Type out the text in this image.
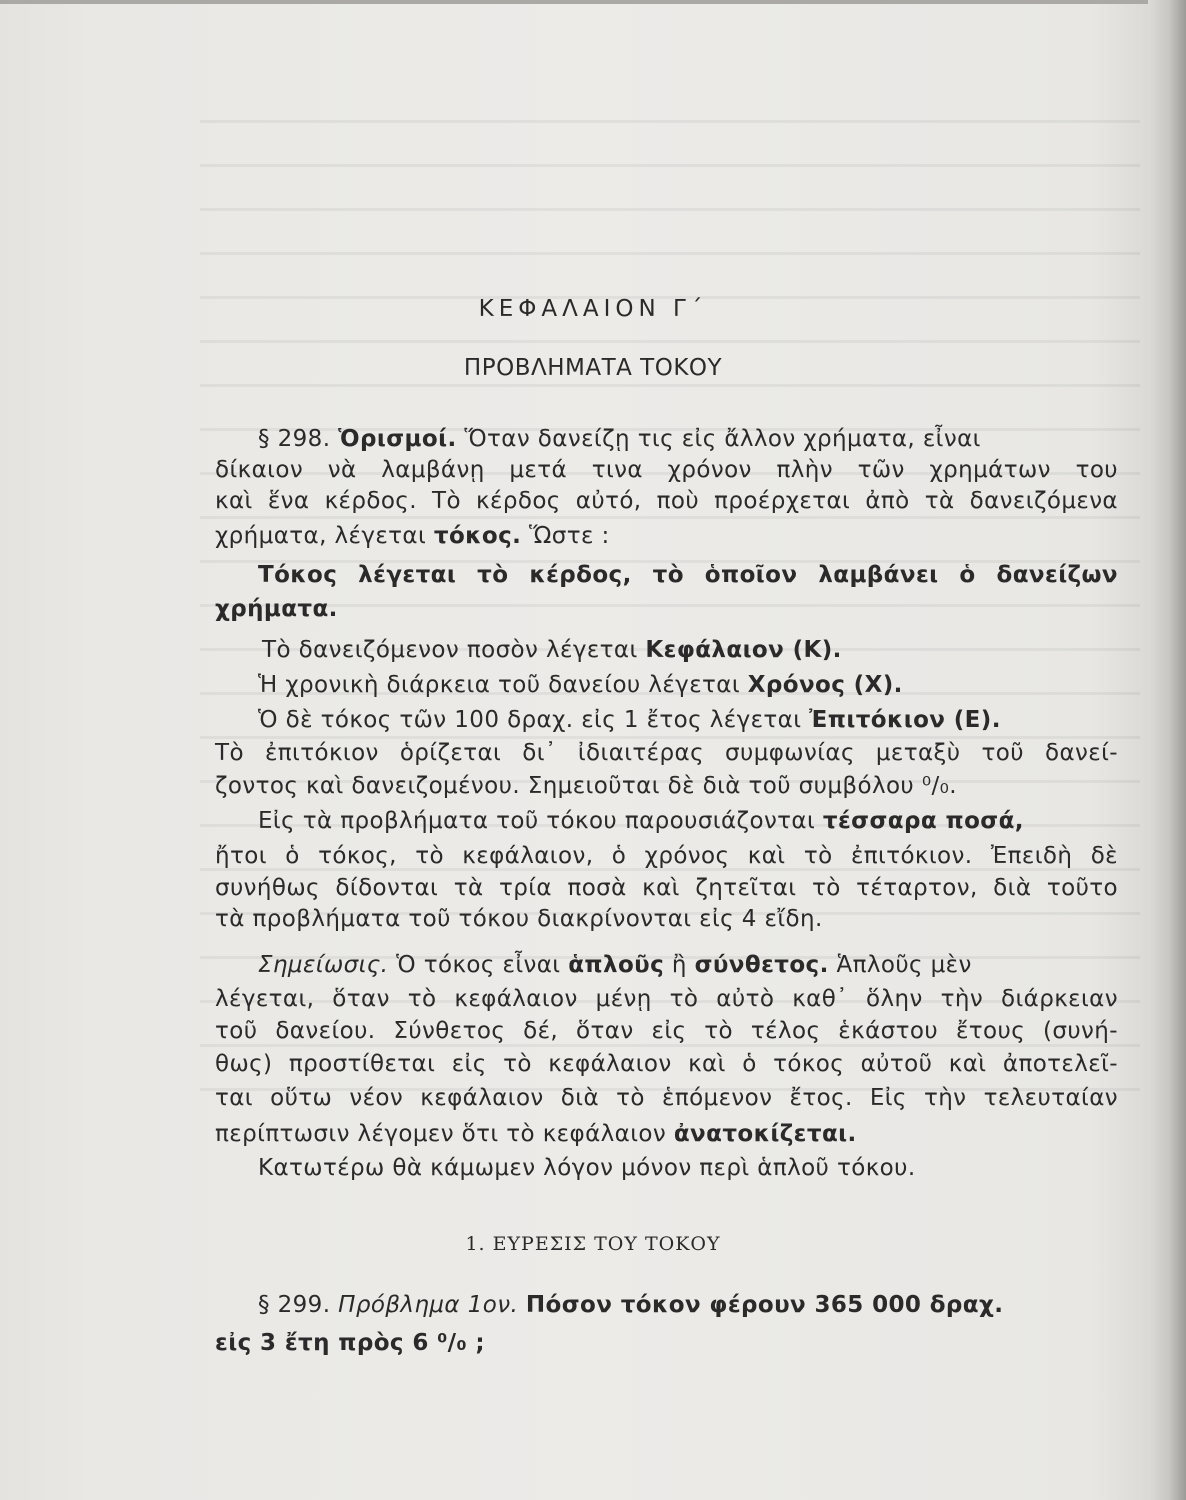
ΚΕΦΑΛΑΙΟΝ Γ΄
ΠΡΟΒΛΗΜΑΤΑ ΤΟΚΟΥ
§ 298. Ὁρισμοί. Ὅταν δανείζῃ τις εἰς ἄλλον χρήματα, εἶναι
δίκαιον νὰ λαμβάνῃ μετά τινα χρόνον πλὴν τῶν χρημάτων του
καὶ ἕνα κέρδος. Τὸ κέρδος αὐτό, ποὺ προέρχεται ἀπὸ τὰ δανειζόμενα
χρήματα, λέγεται τόκος. Ὥστε :
Τόκος λέγεται τὸ κέρδος, τὸ ὁποῖον λαμβάνει ὁ δανείζων
χρήματα.
Τὸ δανειζόμενον ποσὸν λέγεται Κεφάλαιον (Κ).
Ἡ χρονικὴ διάρκεια τοῦ δανείου λέγεται Χρόνος (Χ).
Ὁ δὲ τόκος τῶν 100 δραχ. εἰς 1 ἔτος λέγεται Ἐπιτόκιον (Ε).
Τὸ ἐπιτόκιον ὁρίζεται δι᾽ ἰδιαιτέρας συμφωνίας μεταξὺ τοῦ δανεί-
ζοντος καὶ δανειζομένου. Σημειοῦται δὲ διὰ τοῦ συμβόλου ⁰/₀.
Εἰς τὰ προβλήματα τοῦ τόκου παρουσιάζονται τέσσαρα ποσά,
ἤτοι ὁ τόκος, τὸ κεφάλαιον, ὁ χρόνος καὶ τὸ ἐπιτόκιον. Ἐπειδὴ δὲ
συνήθως δίδονται τὰ τρία ποσὰ καὶ ζητεῖται τὸ τέταρτον, διὰ τοῦτο
τὰ προβλήματα τοῦ τόκου διακρίνονται εἰς 4 εἴδη.
Σημείωσις. Ὁ τόκος εἶναι ἁπλοῦς ἢ σύνθετος. Ἁπλοῦς μὲν
λέγεται, ὅταν τὸ κεφάλαιον μένῃ τὸ αὐτὸ καθ᾽ ὅλην τὴν διάρκειαν
τοῦ δανείου. Σύνθετος δέ, ὅταν εἰς τὸ τέλος ἑκάστου ἔτους (συνή-
θως) προστίθεται εἰς τὸ κεφάλαιον καὶ ὁ τόκος αὐτοῦ καὶ ἀποτελεῖ-
ται οὕτω νέον κεφάλαιον διὰ τὸ ἑπόμενον ἔτος. Εἰς τὴν τελευταίαν
περίπτωσιν λέγομεν ὅτι τὸ κεφάλαιον ἀνατοκίζεται.
Κατωτέρω θὰ κάμωμεν λόγον μόνον περὶ ἁπλοῦ τόκου.
1. ΕΥΡΕΣΙΣ ΤΟΥ ΤΟΚΟΥ
§ 299. Πρόβλημα 1ον. Πόσον τόκον φέρουν 365 000 δραχ.
εἰς 3 ἔτη πρὸς 6 ⁰/₀ ;
